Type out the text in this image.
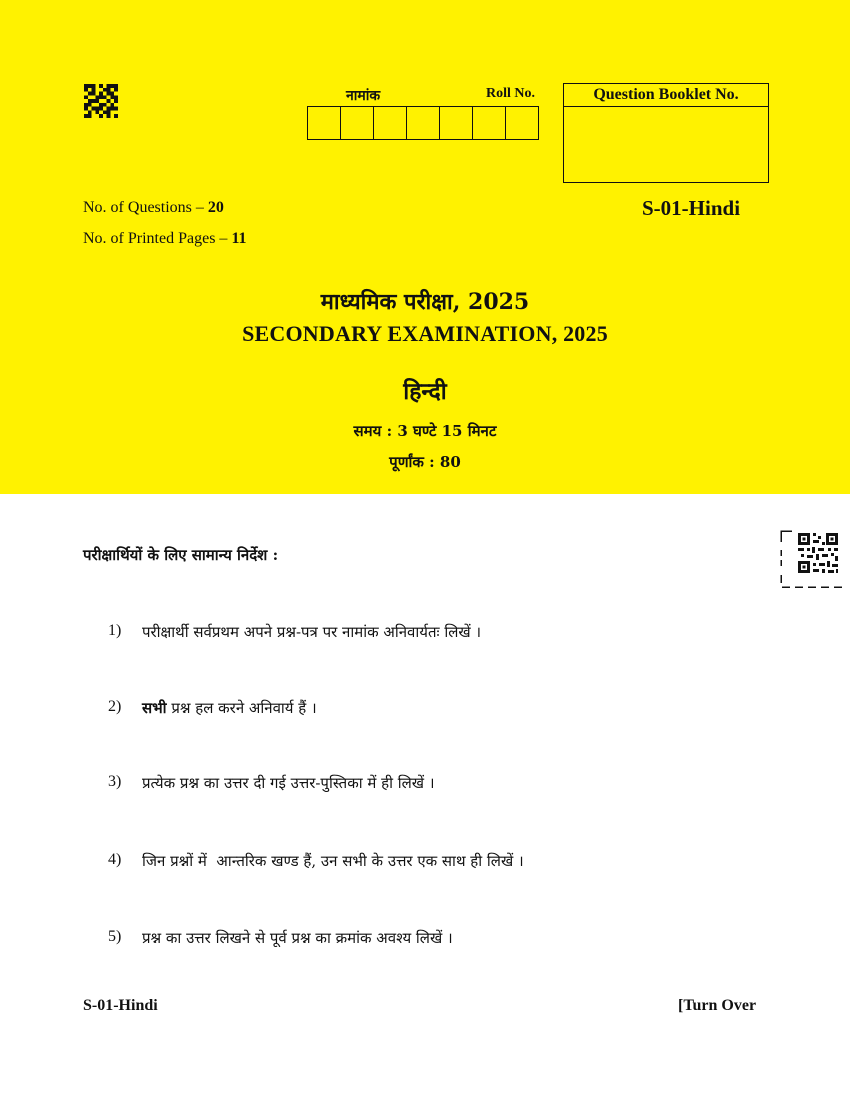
नामांक	Roll No.	Question Booklet No.
No. of Questions – 20
No. of Printed Pages – 11
S-01-Hindi
माध्यमिक परीक्षा, 2025
SECONDARY EXAMINATION, 2025
हिन्दी
समय : 3 घण्टे 15 मिनट
पूर्णांक : 80
परीक्षार्थियों के लिए सामान्य निर्देश :
1)	परीक्षार्थी सर्वप्रथम अपने प्रश्न-पत्र पर नामांक अनिवार्यतः लिखें ।
2)	सभी प्रश्न हल करने अनिवार्य हैं ।
3)	प्रत्येक प्रश्न का उत्तर दी गई उत्तर-पुस्तिका में ही लिखें ।
4)	जिन प्रश्नों में  आन्तरिक खण्ड हैं, उन सभी के उत्तर एक साथ ही लिखें ।
5)	प्रश्न का उत्तर लिखने से पूर्व प्रश्न का क्रमांक अवश्य लिखें ।
S-01-Hindi	[Turn Over
